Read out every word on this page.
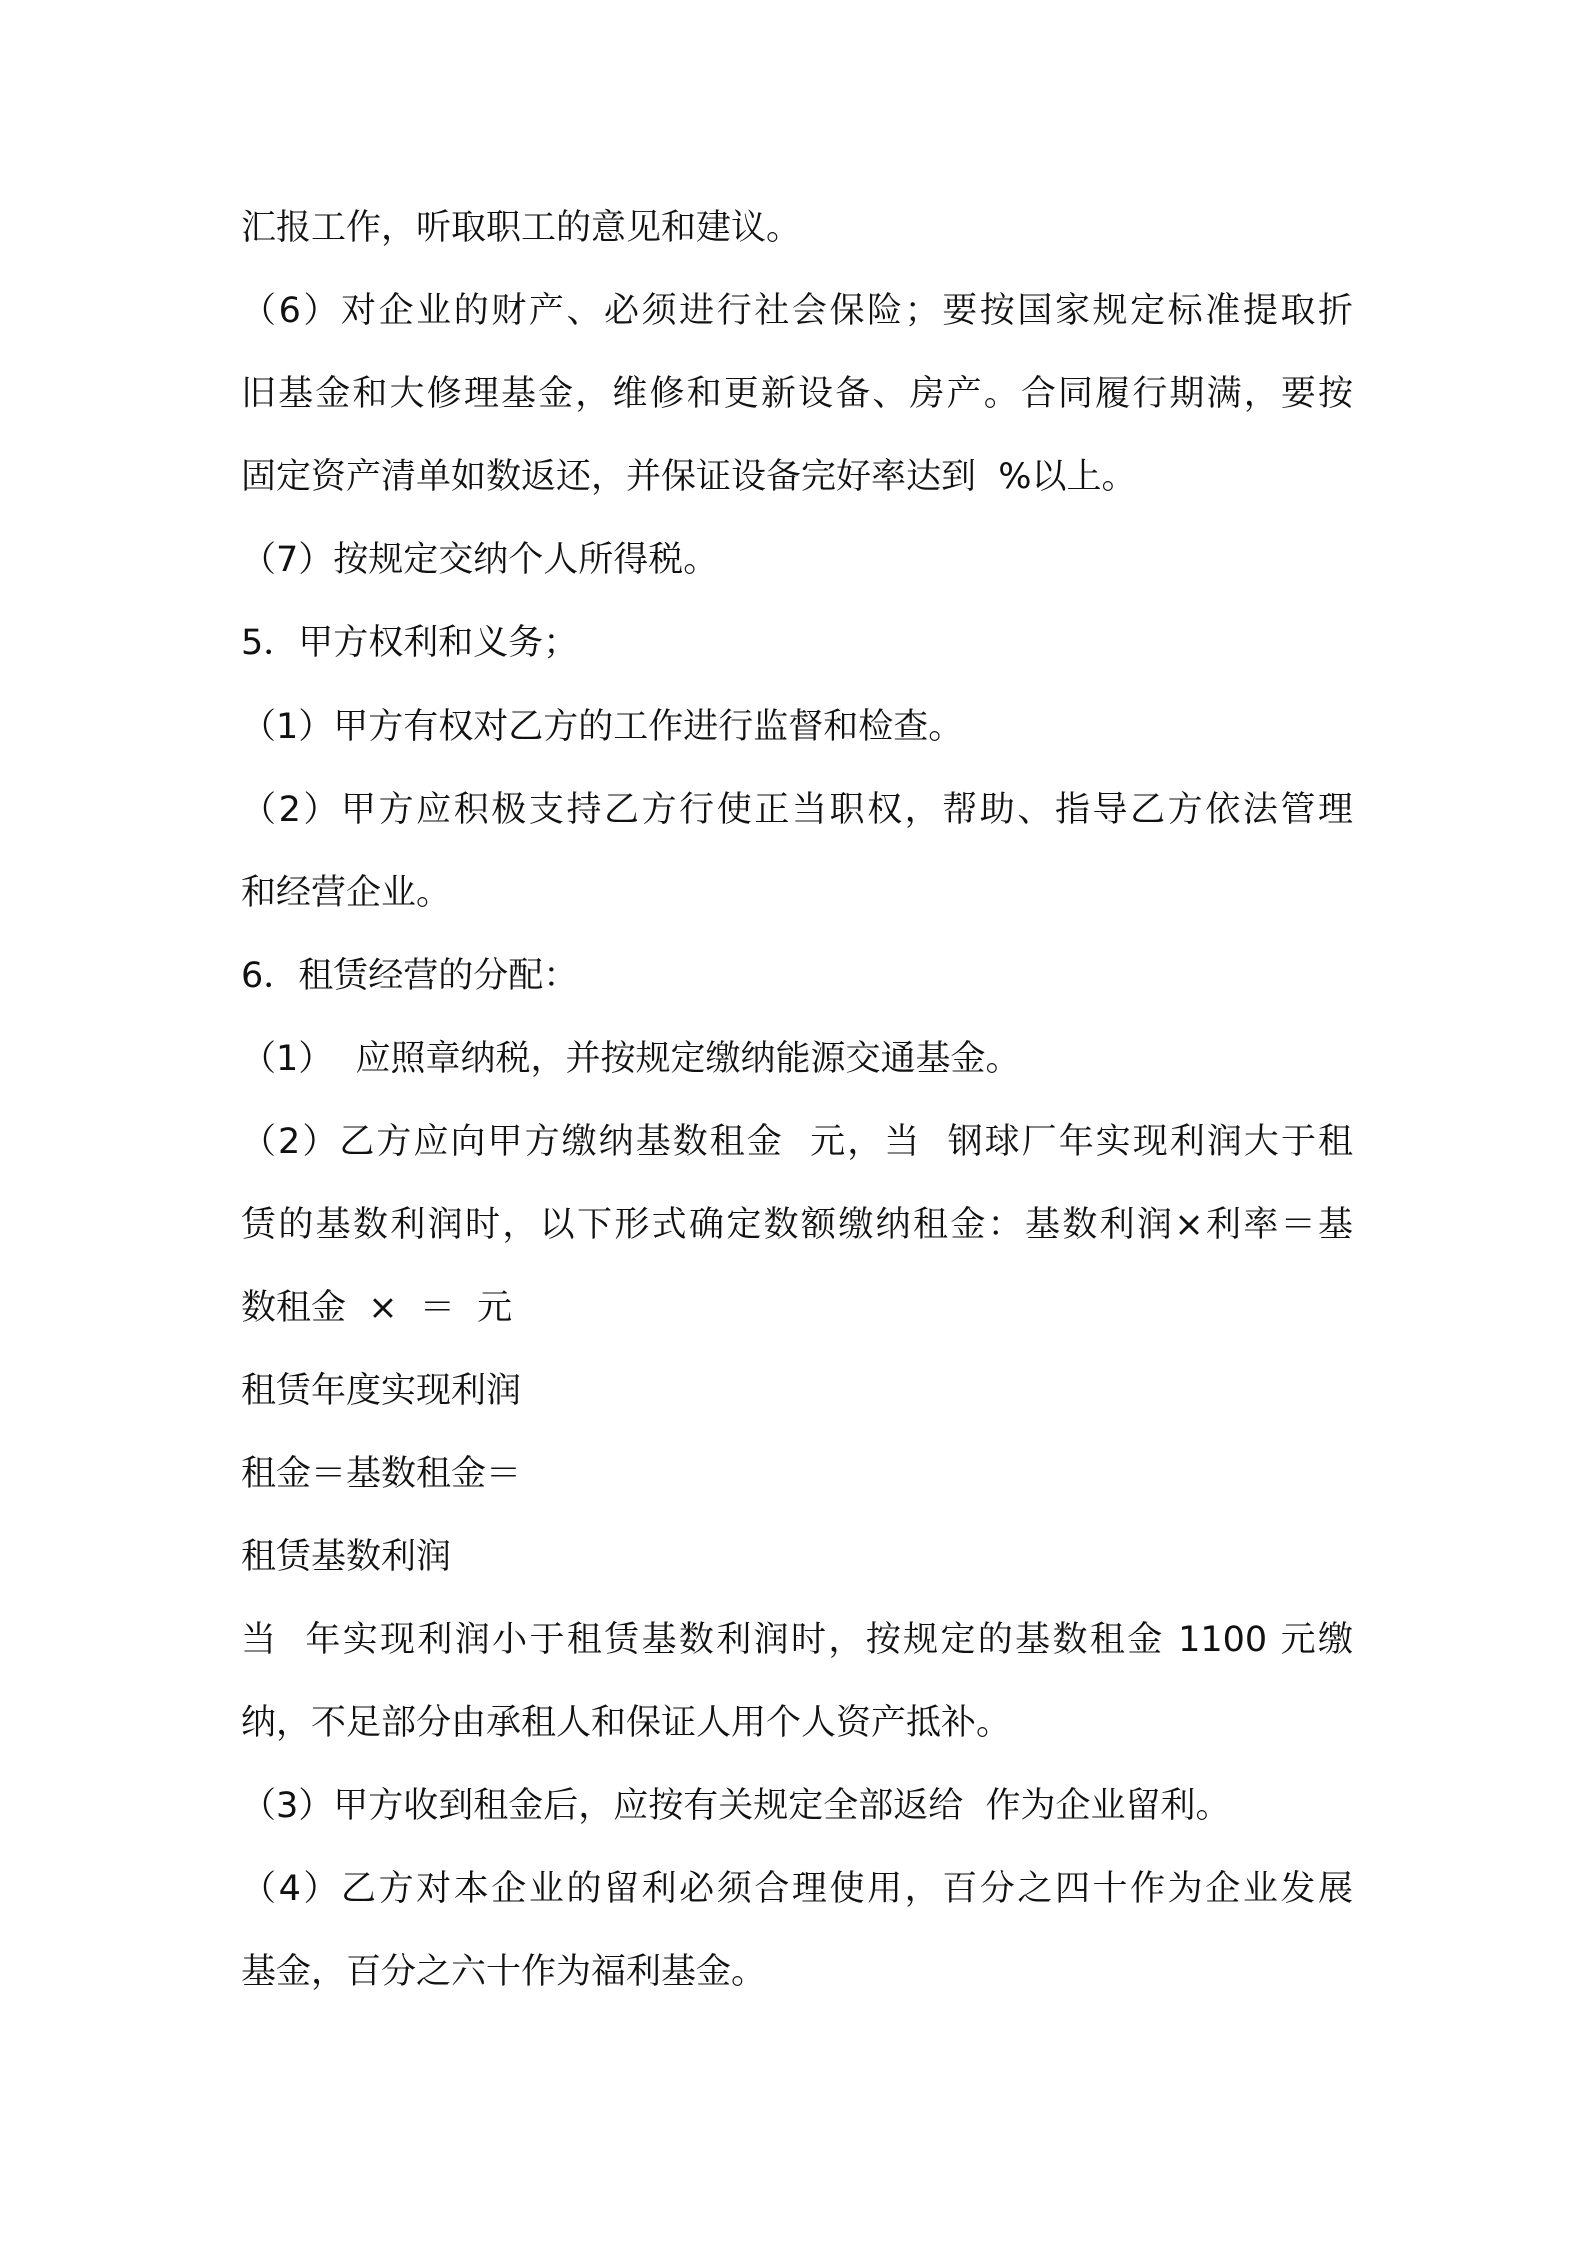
汇报工作，听取职工的意见和建议。
（6）对企业的财产、必须进行社会保险；要按国家规定标准提取折
旧基金和大修理基金，维修和更新设备、房产。合同履行期满，要按
固定资产清单如数返还，并保证设备完好率达到  %以上。
（7）按规定交纳个人所得税。
5．甲方权利和义务；
（1）甲方有权对乙方的工作进行监督和检查。
（2）甲方应积极支持乙方行使正当职权，帮助、指导乙方依法管理
和经营企业。
6．租赁经营的分配：
（1）  应照章纳税，并按规定缴纳能源交通基金。
（2）乙方应向甲方缴纳基数租金  元，当  钢球厂年实现利润大于租
赁的基数利润时，以下形式确定数额缴纳租金：基数利润×利率＝基
数租金  ×  ＝  元
租赁年度实现利润
租金＝基数租金＝
租赁基数利润
当  年实现利润小于租赁基数利润时，按规定的基数租金 1100 元缴
纳，不足部分由承租人和保证人用个人资产抵补。
（3）甲方收到租金后，应按有关规定全部返给  作为企业留利。
（4）乙方对本企业的留利必须合理使用，百分之四十作为企业发展
基金，百分之六十作为福利基金。
